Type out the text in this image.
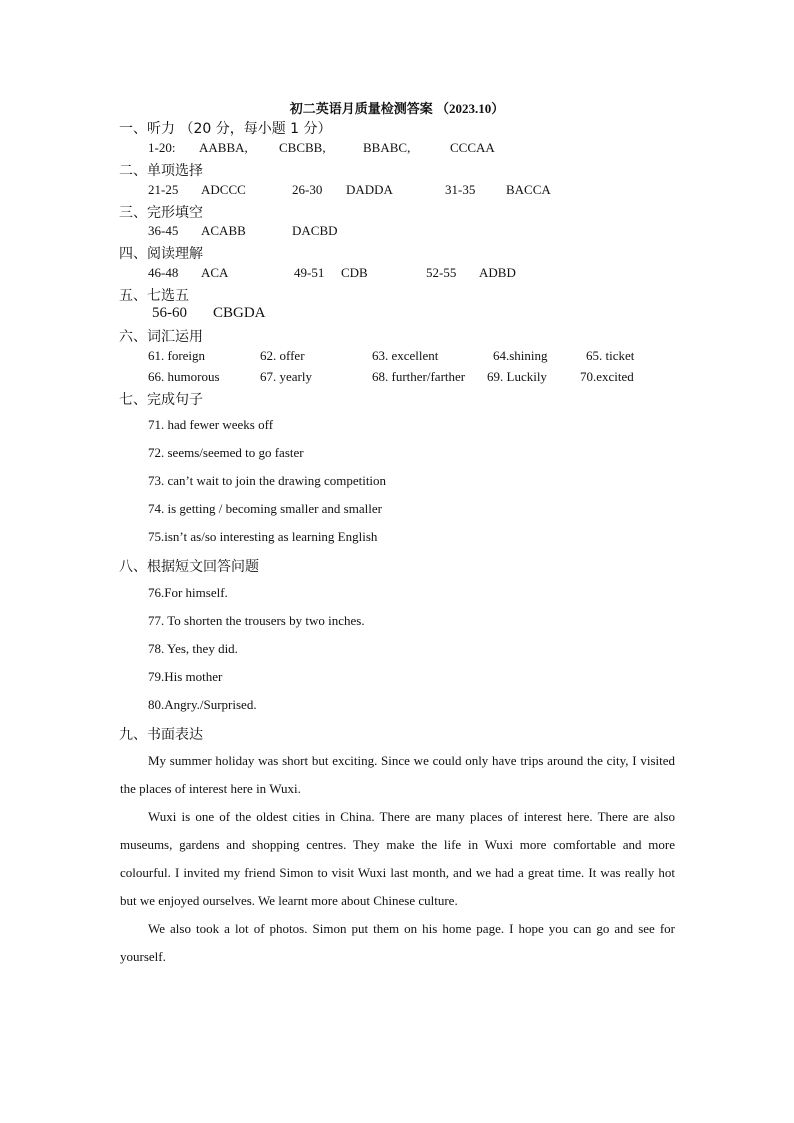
初二英语月质量检测答案 （2023.10）
一、听力 （20 分，每小题 1 分）
1-20: AABBA, CBCBB,	BBABC,	CCCAA
二、单项选择
21-25 ADCCC	26-30 DADDA	31-35 BACCA
三、完形填空
36-45 ACABB	DACBD
四、阅读理解
46-48 ACA	49-51 CDB	52-55 ADBD
五、七选五
56-60 CBGDA
六、词汇运用
61. foreign	62. offer	63. excellent	64.shining	65. ticket
66. humorous	67. yearly	68. further/farther 69. Luckily	70.excited
七、完成句子
71. had fewer weeks off
72. seems/seemed to go faster
73. can’t wait to join the drawing competition
74. is getting / becoming smaller and smaller
75.isn’t as/so interesting as learning English
八、根据短文回答问题
76.For himself.
77. To shorten the trousers by two inches.
78. Yes, they did.
79.His mother
80.Angry./Surprised.
九、书面表达

My summer holiday was short but exciting. Since we could only have trips around the city, I visited the places of interest here in Wuxi.

Wuxi is one of the oldest cities in China. There are many places of interest here. There are also museums, gardens and shopping centres. They make the life in Wuxi more comfortable and more colourful. I invited my friend Simon to visit Wuxi last month, and we had a great time. It was really hot but we enjoyed ourselves. We learnt more about Chinese culture.

We also took a lot of photos. Simon put them on his home page. I hope you can go and see for yourself.
